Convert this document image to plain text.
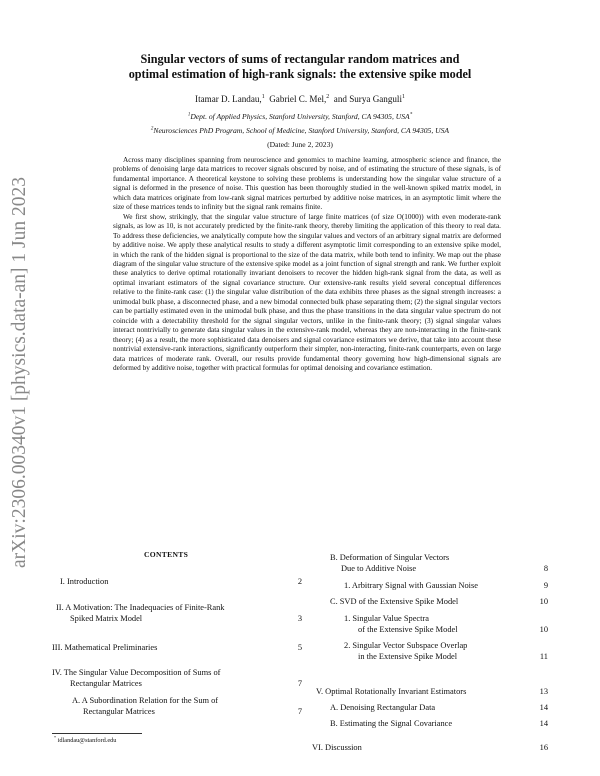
arXiv:2306.00340v1 [physics.data-an] 1 Jun 2023
Singular vectors of sums of rectangular random matrices and
optimal estimation of high-rank signals: the extensive spike model
Itamar D. Landau,$^1$ Gabriel C. Mel,$^2$ and Surya Ganguli$^1$
$^1$Dept. of Applied Physics, Stanford University, Stanford, CA 94305, USA*
$^2$Neurosciences PhD Program, School of Medicine, Stanford University, Stanford, CA 94305, USA
(Dated: June 2, 2023)

Across many disciplines spanning from neuroscience and genomics to machine learning, atmospheric science and finance, the problems of denoising large data matrices to recover signals obscured by noise, and of estimating the structure of these signals, is of fundamental importance. A theoretical keystone to solving these problems is understanding how the singular value structure of a signal is deformed in the presence of noise. This question has been thoroughly studied in the well-known spiked matrix model, in which data matrices originate from low-rank signal matrices perturbed by additive noise matrices, in an asymptotic limit where the size of these matrices tends to infinity but the signal rank remains finite.

We first show, strikingly, that the singular value structure of large finite matrices (of size O(1000)) with even moderate-rank signals, as low as 10, is not accurately predicted by the finite-rank theory, thereby limiting the application of this theory to real data. To address these deficiencies, we analytically compute how the singular values and vectors of an arbitrary signal matrix are deformed by additive noise. We apply these analytical results to study a different asymptotic limit corresponding to an extensive spike model, in which the rank of the hidden signal is proportional to the size of the data matrix, while both tend to infinity. We map out the phase diagram of the singular value structure of the extensive spike model as a joint function of signal strength and rank. We further exploit these analytics to derive optimal rotationally invariant denoisers to recover the hidden high-rank signal from the data, as well as optimal invariant estimators of the signal covariance structure. Our extensive-rank results yield several conceptual differences relative to the finite-rank case: (1) the singular value distribution of the data exhibits three phases as the signal strength increases: a unimodal bulk phase, a disconnected phase, and a new bimodal connected bulk phase separating them; (2) the signal singular vectors can be partially estimated even in the unimodal bulk phase, and thus the phase transitions in the data singular value spectrum do not coincide with a detectability threshold for the signal singular vectors, unlike in the finite-rank theory; (3) signal singular values interact nontrivially to generate data singular values in the extensive-rank model, whereas they are non-interacting in the finite-rank theory; (4) as a result, the more sophisticated data denoisers and signal covariance estimators we derive, that take into account these nontrivial extensive-rank interactions, significantly outperform their simpler, non-interacting, finite-rank counterparts, even on large data matrices of moderate rank. Overall, our results provide fundamental theory governing how high-dimensional signals are deformed by additive noise, together with practical formulas for optimal denoising and covariance estimation.

CONTENTS
I. Introduction	2
II. A Motivation: The Inadequacies of Finite-Rank
Spiked Matrix Model	3
III. Mathematical Preliminaries	5
IV. The Singular Value Decomposition of Sums of
Rectangular Matrices	7
A. A Subordination Relation for the Sum of
Rectangular Matrices	7
B. Deformation of Singular Vectors
Due to Additive Noise	8
1. Arbitrary Signal with Gaussian Noise	9
C. SVD of the Extensive Spike Model	10
1. Singular Value Spectra
of the Extensive Spike Model	10
2. Singular Vector Subspace Overlap
in the Extensive Spike Model	11
V. Optimal Rotationally Invariant Estimators	13
A. Denoising Rectangular Data	14
B. Estimating the Signal Covariance	14
VI. Discussion	16
* idlandau@stanford.edu
